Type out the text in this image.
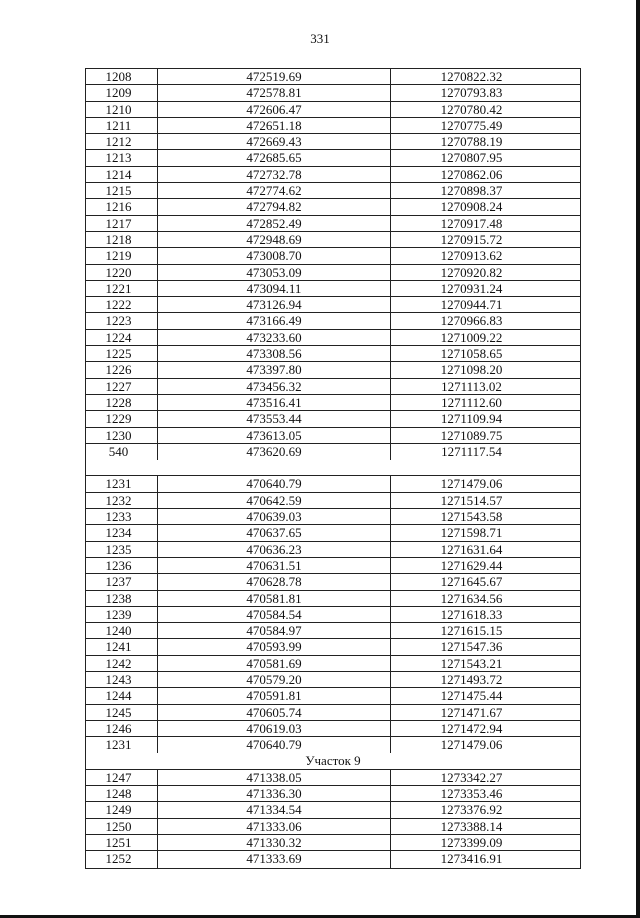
331
1208	472519.69	1270822.32
1209	472578.81	1270793.83
1210	472606.47	1270780.42
1211	472651.18	1270775.49
1212	472669.43	1270788.19
1213	472685.65	1270807.95
1214	472732.78	1270862.06
1215	472774.62	1270898.37
1216	472794.82	1270908.24
1217	472852.49	1270917.48
1218	472948.69	1270915.72
1219	473008.70	1270913.62
1220	473053.09	1270920.82
1221	473094.11	1270931.24
1222	473126.94	1270944.71
1223	473166.49	1270966.83
1224	473233.60	1271009.22
1225	473308.56	1271058.65
1226	473397.80	1271098.20
1227	473456.32	1271113.02
1228	473516.41	1271112.60
1229	473553.44	1271109.94
1230	473613.05	1271089.75
540	473620.69	1271117.54
1231	470640.79	1271479.06
1232	470642.59	1271514.57
1233	470639.03	1271543.58
1234	470637.65	1271598.71
1235	470636.23	1271631.64
1236	470631.51	1271629.44
1237	470628.78	1271645.67
1238	470581.81	1271634.56
1239	470584.54	1271618.33
1240	470584.97	1271615.15
1241	470593.99	1271547.36
1242	470581.69	1271543.21
1243	470579.20	1271493.72
1244	470591.81	1271475.44
1245	470605.74	1271471.67
1246	470619.03	1271472.94
1231	470640.79	1271479.06
Участок 9
1247	471338.05	1273342.27
1248	471336.30	1273353.46
1249	471334.54	1273376.92
1250	471333.06	1273388.14
1251	471330.32	1273399.09
1252	471333.69	1273416.91
